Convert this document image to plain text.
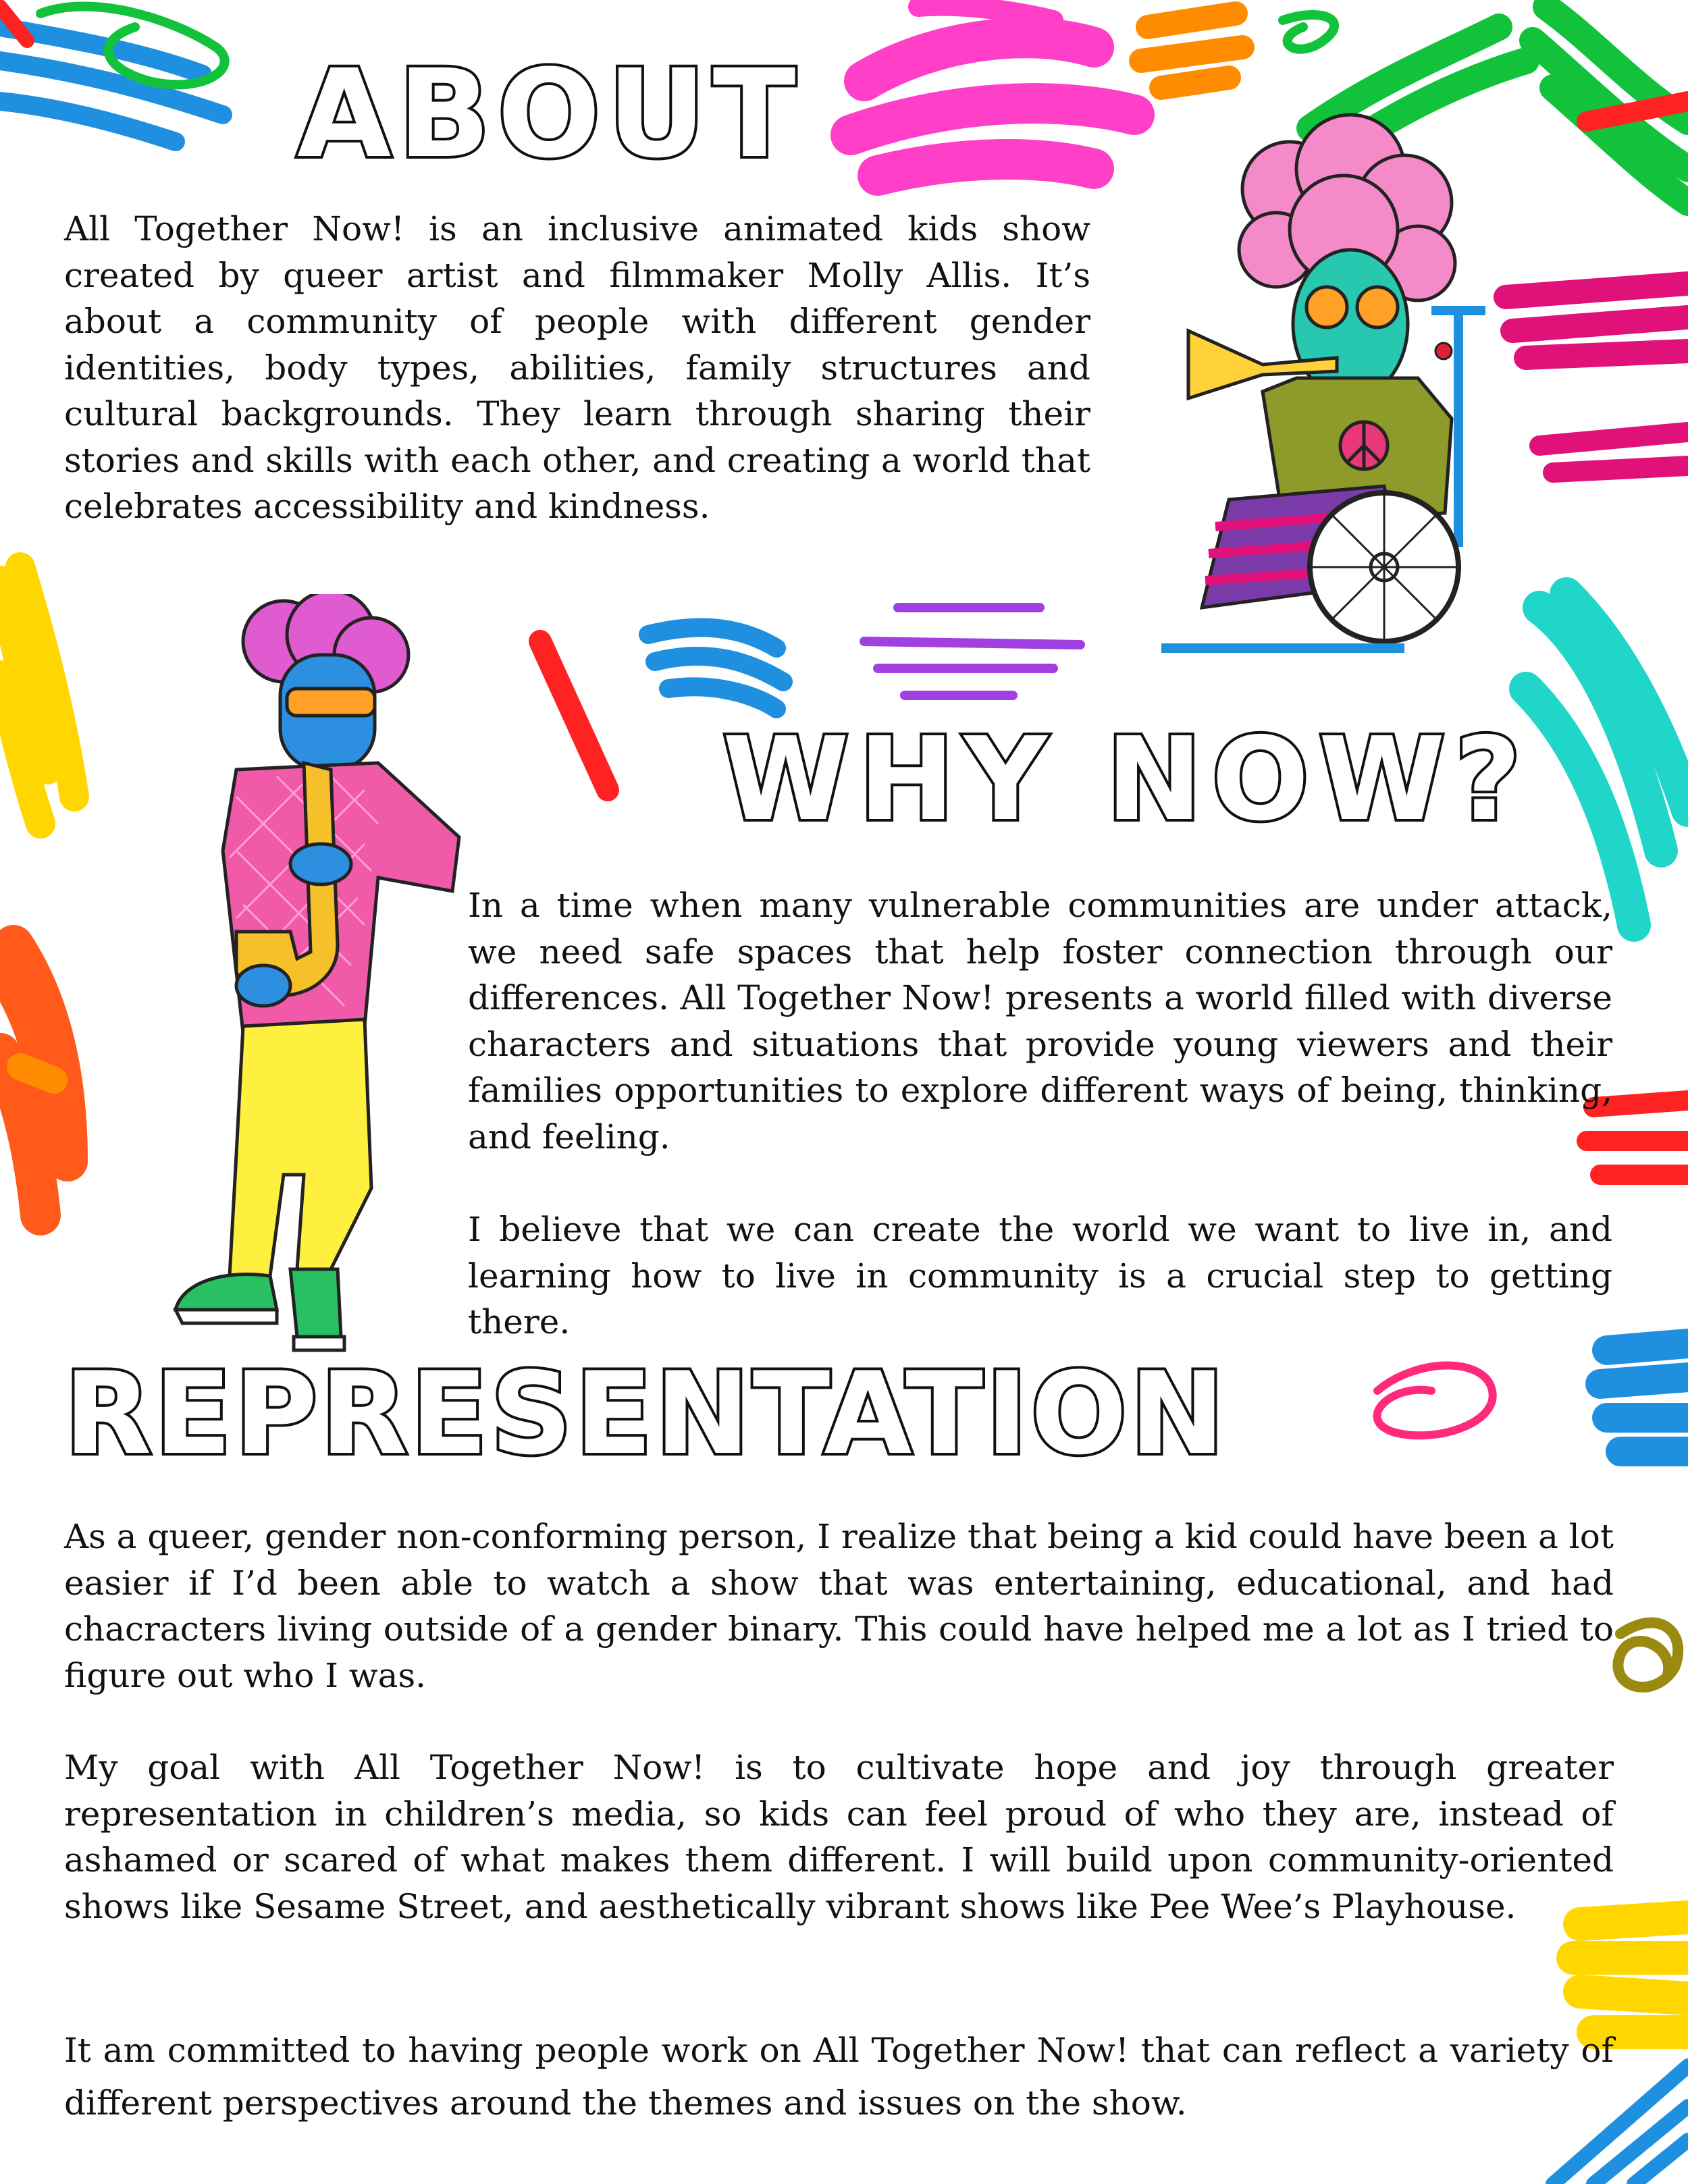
ABOUT

All Together Now! is an inclusive animated kids show created by queer artist and filmmaker Molly Allis. It’s about a community of people with different gender identities, body types, abilities, family structures and cultural backgrounds. They learn through sharing their stories and skills with each other, and creating a world that celebrates accessibility and kindness.

WHY NOW?

In a time when many vulnerable communities are under attack, we need safe spaces that help foster connection through our differences. All Together Now! presents a world filled with diverse characters and situations that provide young viewers and their families opportunities to explore different ways of being, thinking, and feeling.

I believe that we can create the world we want to live in, and learning how to live in community is a crucial step to getting there.

REPRESENTATION

As a queer, gender non-conforming person, I realize that being a kid could have been a lot easier if I’d been able to watch a show that was entertaining, educational, and had chacracters living outside of a gender binary. This could have helped me a lot as I tried to figure out who I was.

My goal with All Together Now! is to cultivate hope and joy through greater representation in children’s media, so kids can feel proud of who they are, instead of ashamed or scared of what makes them different. I will build upon community-oriented shows like Sesame Street, and aesthetically vibrant shows like Pee Wee’s Playhouse.

It am committed to having people work on All Together Now! that can reflect a variety of different perspectives around the themes and issues on the show.
